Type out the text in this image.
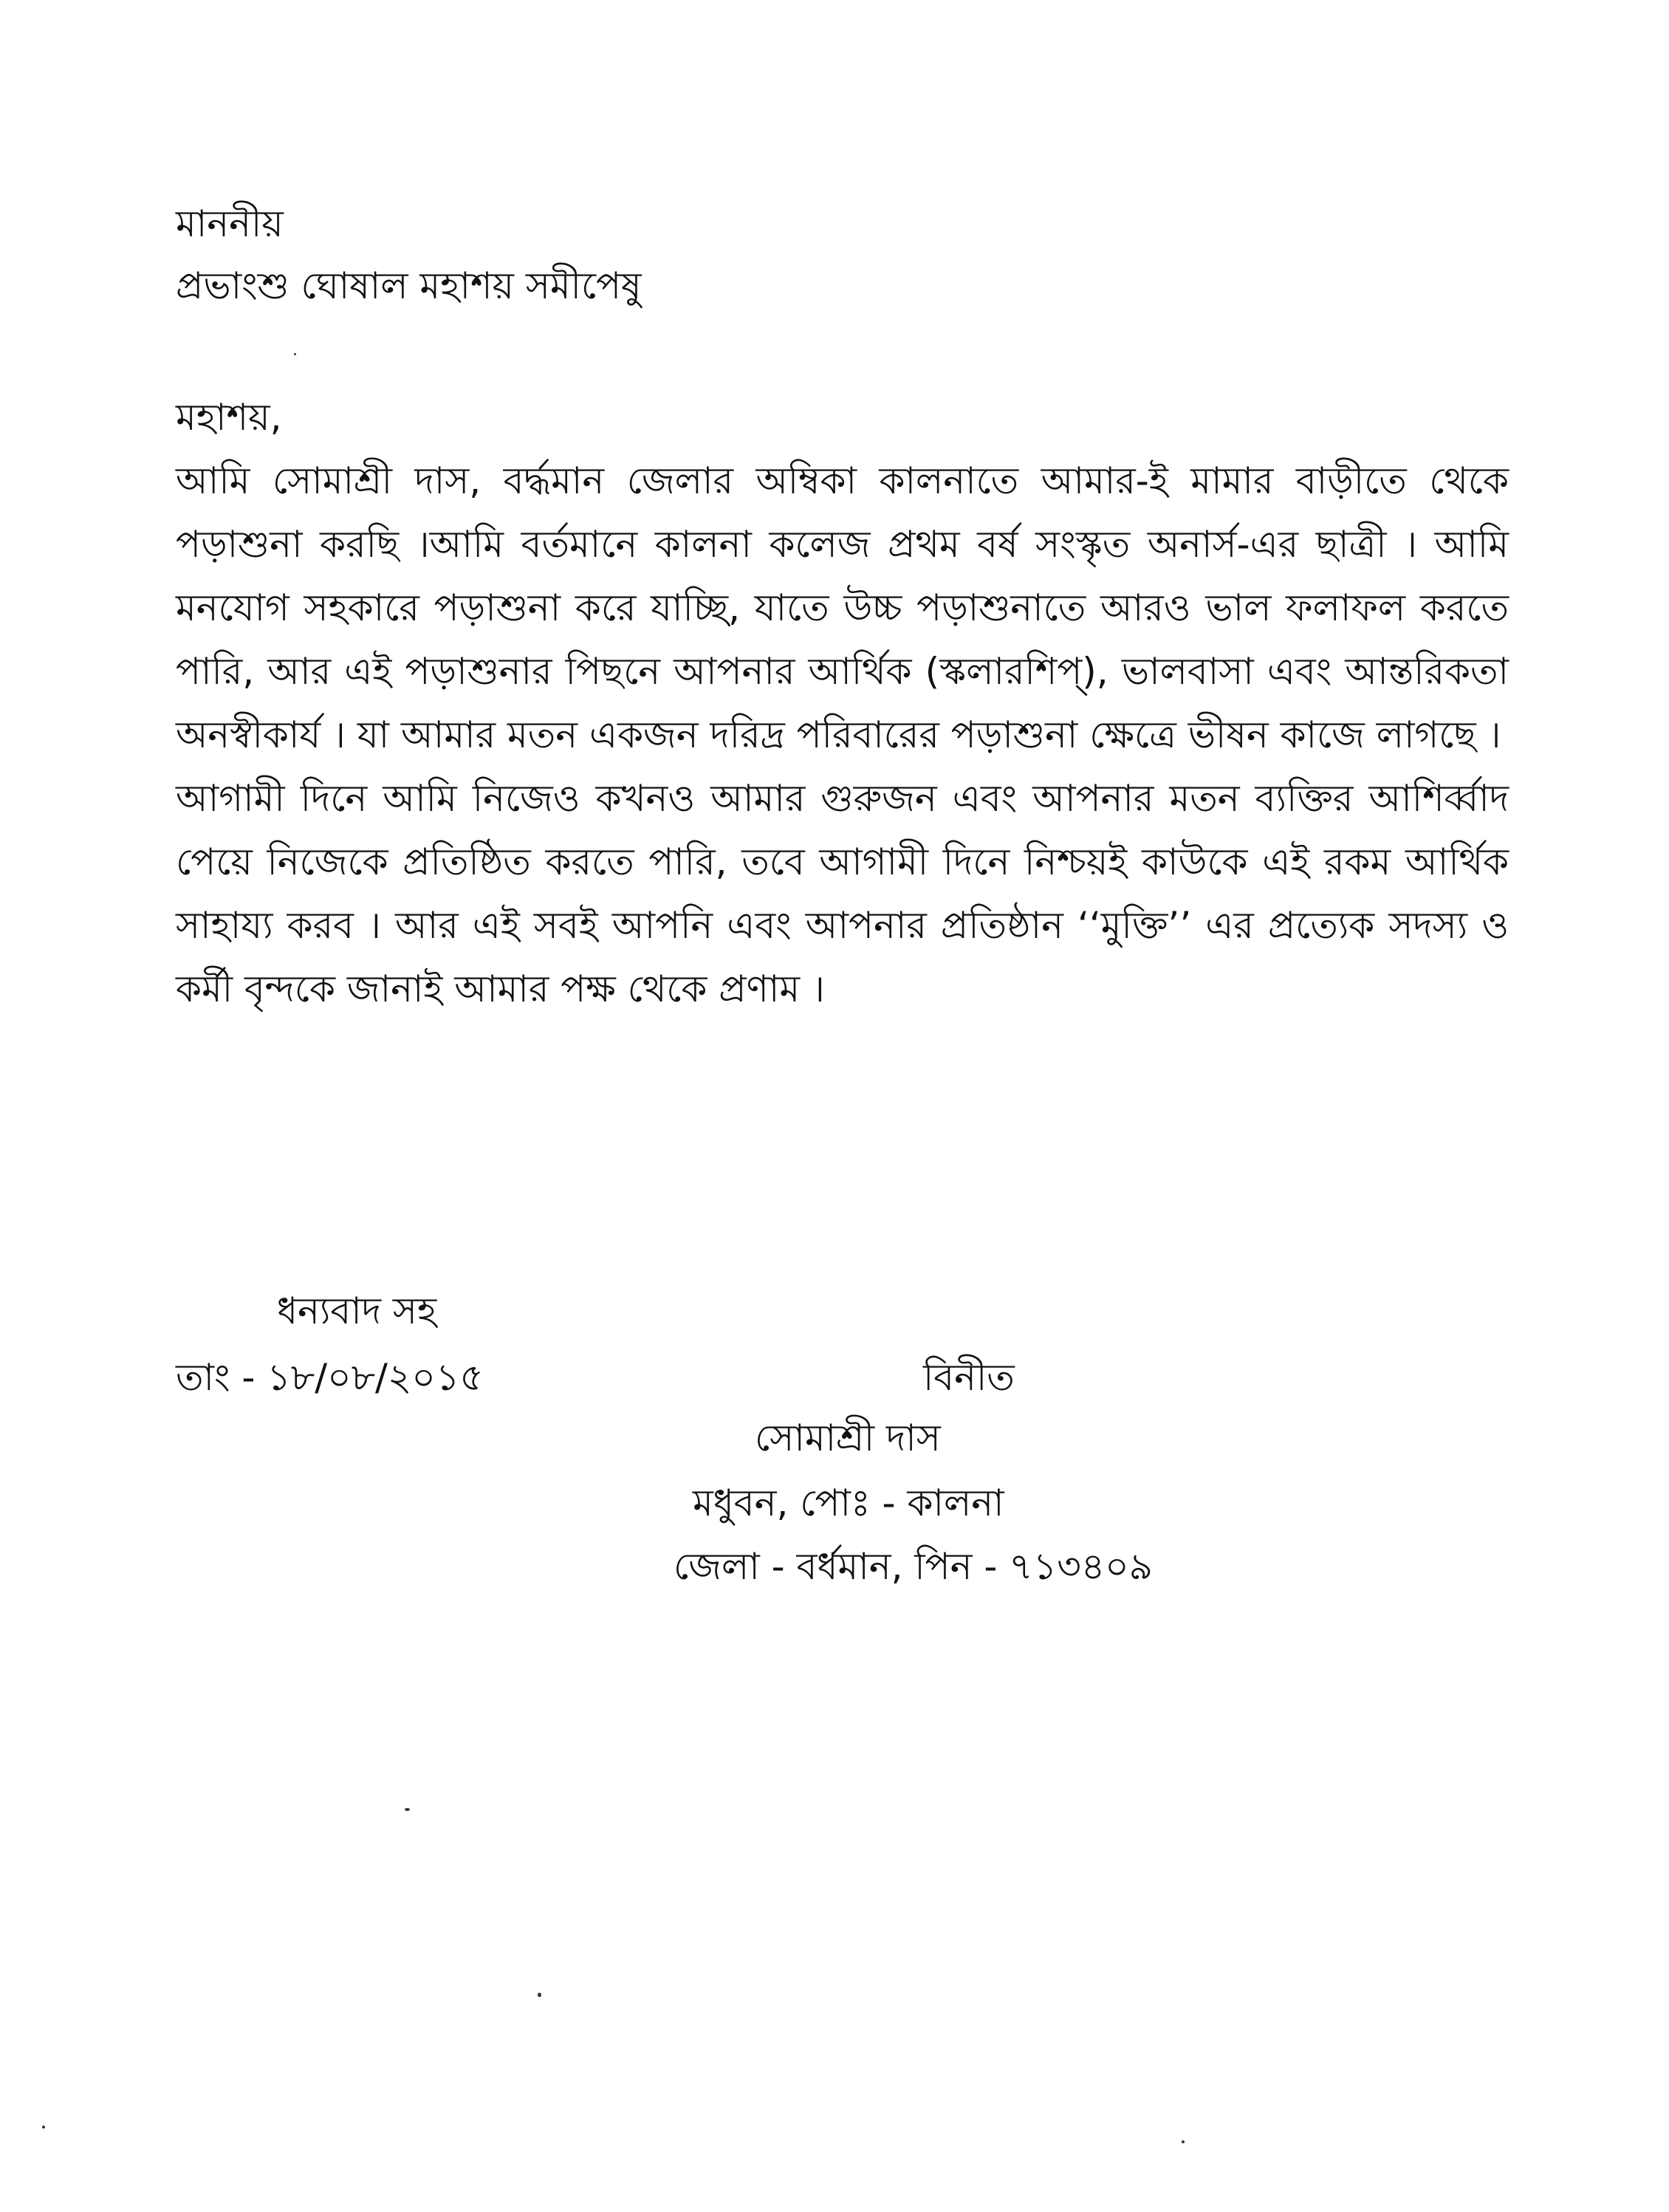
মাননীয়
প্রভাংশু ঘোষাল মহাশয় সমীপেষু
মহাশয়,

আমি সোমাশ্রী দাস, বর্দ্ধমান জেলার অম্বিকা কালনাতে আমার-ই মামার বাড়ীতে থেকে পড়াশুনা করছি ।আমি বর্তমানে কালনা কলেজ প্রথম বর্ষ সংস্কৃত অনার্স-এর ছাত্রী । আমি মনযোগ সহকারে পড়াশুনা করে যাচ্ছি, যাতে উচ্চ পড়াশুনাতে আরও ভাল ফলাফল করতে পারি, আর এই পড়াশুনার পিছনে আপনার আর্থিক (স্কলারশিপ্‌), ভালবাসা এবং আন্তরিকতা অনস্বীকার্য । যা আমার মতন একজন দরিদ্র পরিবারের পড়াশুনা ক্ষেত্রে ভীষন কাজে লাগছে ।

আগামী দিনে আমি নিজেও কখনও আমার গুরুজন এবং আপনার মতন ব্যক্তির আশির্ব্বাদ পেয়ে নিজেকে প্রতিষ্ঠিত করতে পারি, তবে আগামী দিনে নিশ্চয়ই কাউকে এই রকম আর্থিক সাহায্য করব । আর এই সবই আপনি এবং আপনার প্রতিষ্ঠান ‘‘মুক্তি’’ এর প্রত্যেক সদস্য ও কর্মী বৃন্দকে জানাই আমার পক্ষ থেকে প্রণাম ।

ধন্যবাদ সহ
তাং - ১৮/০৮/২০১৫	বিনীত
সোমাশ্রী দাস
মধুবন, পোঃ - কালনা
জেলা - বর্ধমান, পিন - ৭১৩৪০৯
